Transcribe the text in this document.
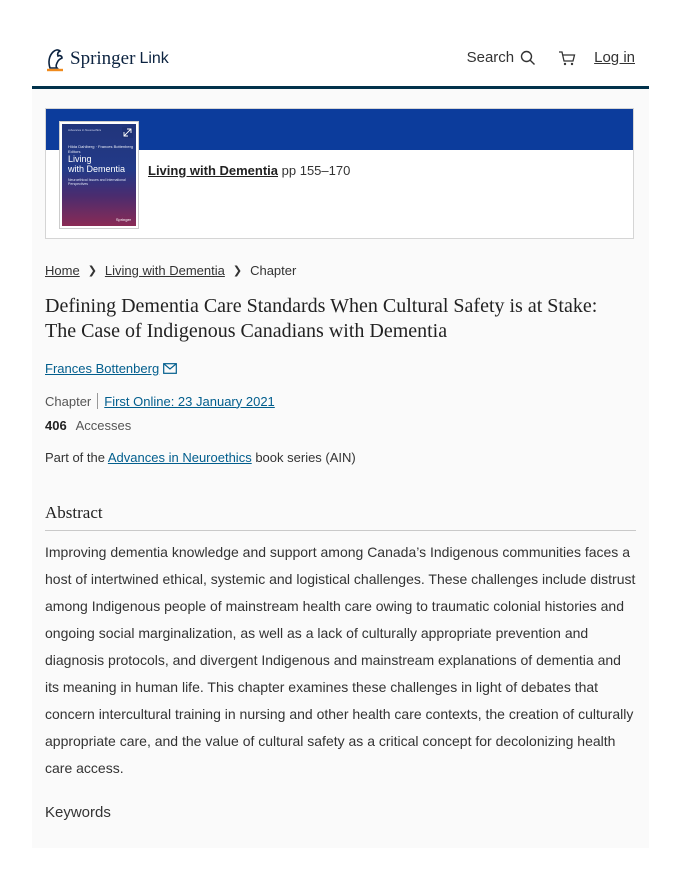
Springer Link	Search	Log in
Advances in Neuroethics
Hilda Dahlberg · Frances Bottenberg Editors
Living
with Dementia
Neuroethical Issues and International Perspectives
Springer
Living with Dementia pp 155–170
Home ❯ Living with Dementia ❯ Chapter
Defining Dementia Care Standards When Cultural Safety is at Stake: The Case of Indigenous Canadians with Dementia
Frances Bottenberg
Chapter First Online: 23 January 2021
406 Accesses
Part of the Advances in Neuroethics book series (AIN)
Abstract

Improving dementia knowledge and support among Canada’s Indigenous communities faces a host of intertwined ethical, systemic and logistical challenges. These challenges include distrust among Indigenous people of mainstream health care owing to traumatic colonial histories and ongoing social marginalization, as well as a lack of culturally appropriate prevention and diagnosis protocols, and divergent Indigenous and mainstream explanations of dementia and its meaning in human life. This chapter examines these challenges in light of debates that concern intercultural training in nursing and other health care contexts, the creation of culturally appropriate care, and the value of cultural safety as a critical concept for decolonizing health care access.

Keywords
